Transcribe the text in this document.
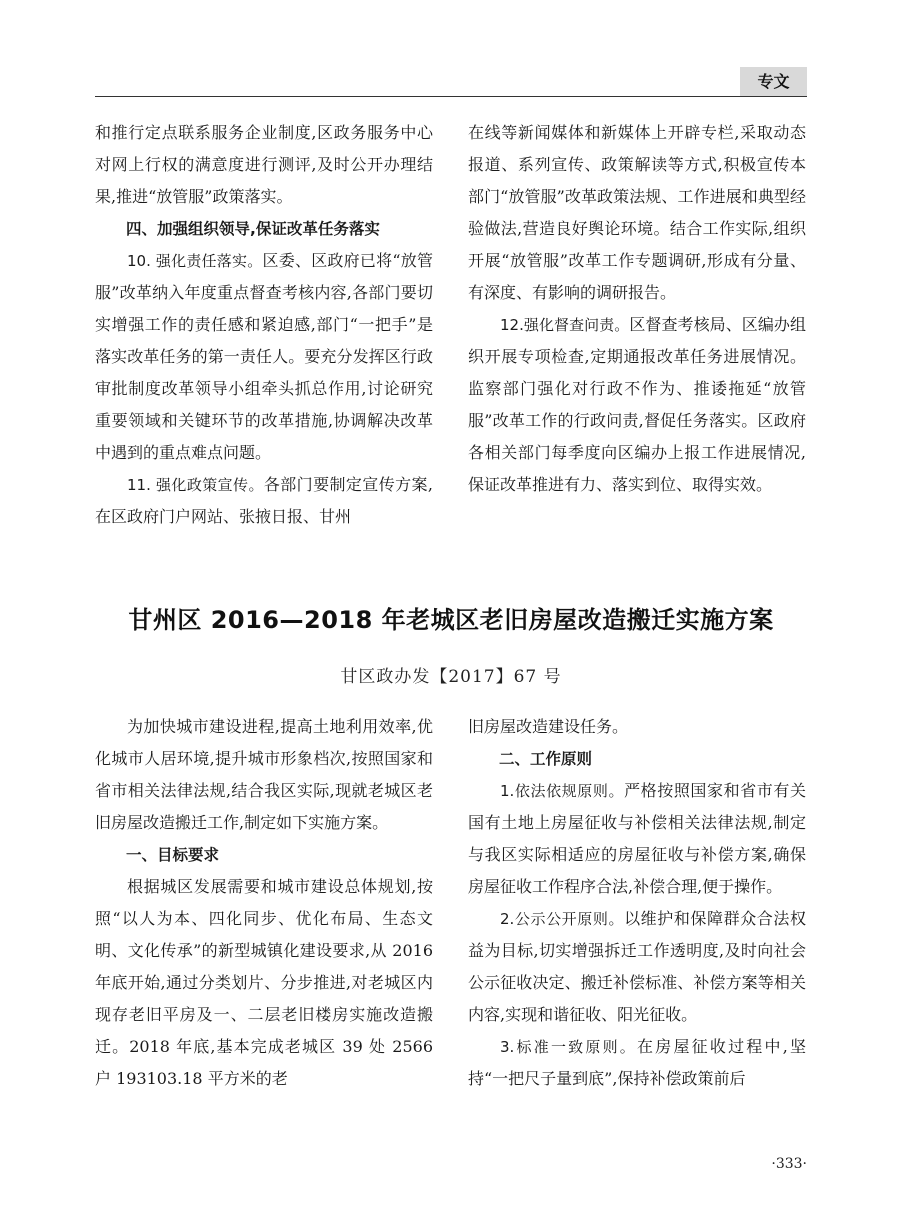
专文

和推行定点联系服务企业制度,区政务服务中心对网上行权的满意度进行测评,及时公开办理结果,推进“放管服”政策落实。

四、加强组织领导,保证改革任务落实

10. 强化责任落实。区委、区政府已将“放管服”改革纳入年度重点督查考核内容,各部门要切实增强工作的责任感和紧迫感,部门“一把手”是落实改革任务的第一责任人。要充分发挥区行政审批制度改革领导小组牵头抓总作用,讨论研究重要领域和关键环节的改革措施,协调解决改革中遇到的重点难点问题。

11. 强化政策宣传。各部门要制定宣传方案,在区政府门户网站、张掖日报、甘州

在线等新闻媒体和新媒体上开辟专栏,采取动态报道、系列宣传、政策解读等方式,积极宣传本部门“放管服”改革政策法规、工作进展和典型经验做法,营造良好舆论环境。结合工作实际,组织开展“放管服”改革工作专题调研,形成有分量、有深度、有影响的调研报告。

12.强化督查问责。区督查考核局、区编办组织开展专项检查,定期通报改革任务进展情况。监察部门强化对行政不作为、推诿拖延“放管服”改革工作的行政问责,督促任务落实。区政府各相关部门每季度向区编办上报工作进展情况,保证改革推进有力、落实到位、取得实效。

甘州区 2016—2018 年老城区老旧房屋改造搬迁实施方案
甘区政办发【2017】67 号

为加快城市建设进程,提高土地利用效率,优化城市人居环境,提升城市形象档次,按照国家和省市相关法律法规,结合我区实际,现就老城区老旧房屋改造搬迁工作,制定如下实施方案。

一、目标要求

根据城区发展需要和城市建设总体规划,按照“以人为本、四化同步、优化布局、生态文明、文化传承”的新型城镇化建设要求,从 2016 年底开始,通过分类划片、分步推进,对老城区内现存老旧平房及一、二层老旧楼房实施改造搬迁。2018 年底,基本完成老城区 39 处 2566 户 193103.18 平方米的老

旧房屋改造建设任务。

二、工作原则

1.依法依规原则。严格按照国家和省市有关国有土地上房屋征收与补偿相关法律法规,制定与我区实际相适应的房屋征收与补偿方案,确保房屋征收工作程序合法,补偿合理,便于操作。

2.公示公开原则。以维护和保障群众合法权益为目标,切实增强拆迁工作透明度,及时向社会公示征收决定、搬迁补偿标准、补偿方案等相关内容,实现和谐征收、阳光征收。

3.标准一致原则。在房屋征收过程中,坚持“一把尺子量到底”,保持补偿政策前后

·333·
